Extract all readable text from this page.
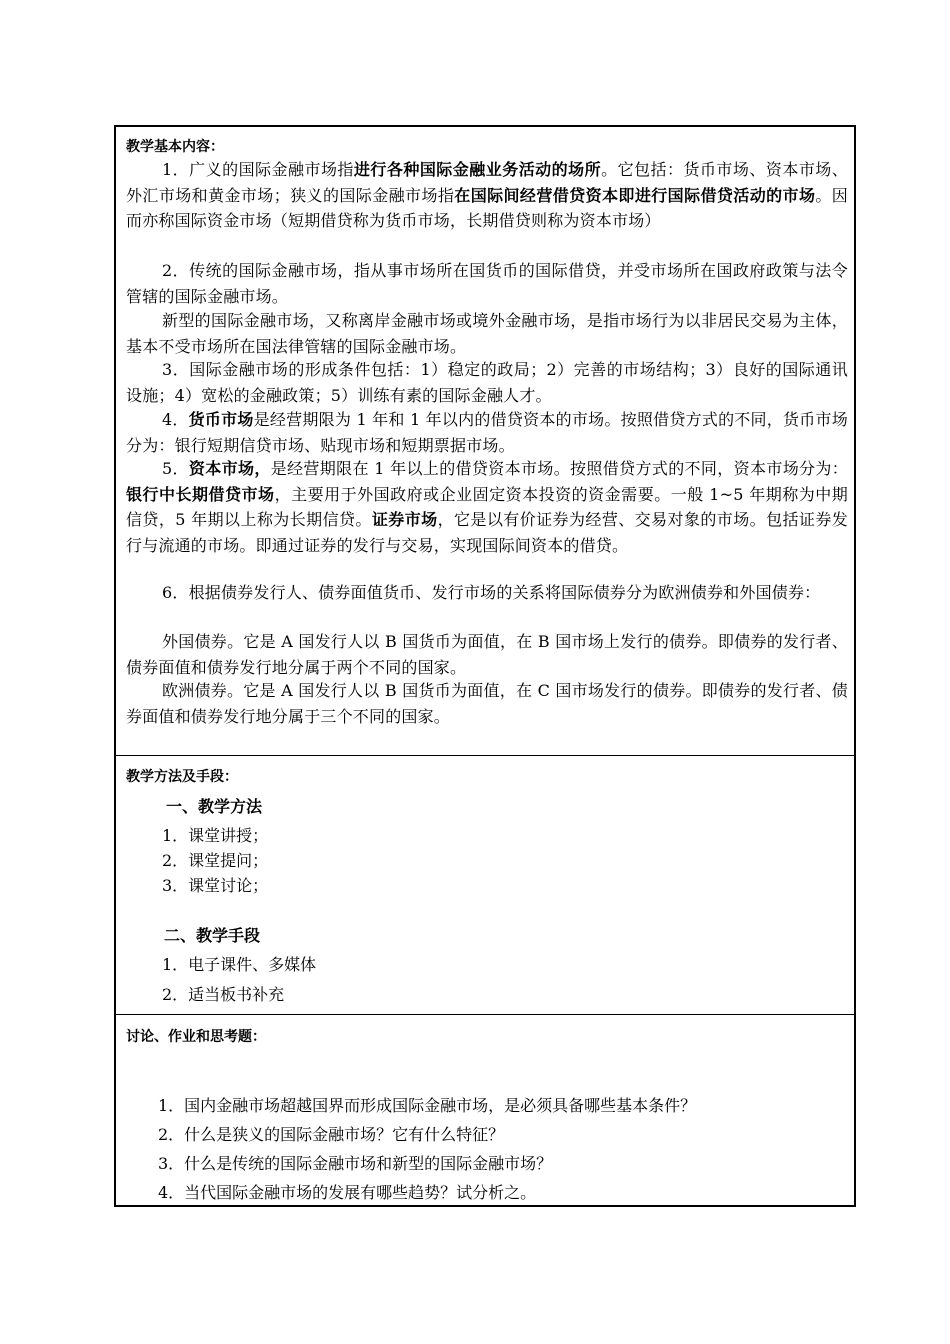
教学基本内容：

1．广义的国际金融市场指进行各种国际金融业务活动的场所。它包括：货币市场、资本市场、外汇市场和黄金市场；狭义的国际金融市场指在国际间经营借贷资本即进行国际借贷活动的市场。因而亦称国际资金市场（短期借贷称为货币市场，长期借贷则称为资本市场）

2．传统的国际金融市场，指从事市场所在国货币的国际借贷，并受市场所在国政府政策与法令管辖的国际金融市场。

新型的国际金融市场，又称离岸金融市场或境外金融市场，是指市场行为以非居民交易为主体，基本不受市场所在国法律管辖的国际金融市场。

3．国际金融市场的形成条件包括：1）稳定的政局；2）完善的市场结构；3）良好的国际通讯设施；4）宽松的金融政策；5）训练有素的国际金融人才。

4．货币市场是经营期限为 1 年和 1 年以内的借贷资本的市场。按照借贷方式的不同，货币市场分为：银行短期信贷市场、贴现市场和短期票据市场。

5．资本市场，是经营期限在 1 年以上的借贷资本市场。按照借贷方式的不同，资本市场分为：银行中长期借贷市场，主要用于外国政府或企业固定资本投资的资金需要。一般 1~5 年期称为中期信贷，5 年期以上称为长期信贷。证券市场，它是以有价证券为经营、交易对象的市场。包括证券发行与流通的市场。即通过证券的发行与交易，实现国际间资本的借贷。

6．根据债券发行人、债券面值货币、发行市场的关系将国际债券分为欧洲债券和外国债券：

外国债券。它是 A 国发行人以 B 国货币为面值，在 B 国市场上发行的债券。即债券的发行者、债券面值和债券发行地分属于两个不同的国家。

欧洲债券。它是 A 国发行人以 B 国货币为面值，在 C 国市场发行的债券。即债券的发行者、债券面值和债券发行地分属于三个不同的国家。

教学方法及手段：
一、教学方法
1．课堂讲授；
2．课堂提问；
3．课堂讨论；
二、教学手段
1．电子课件、多媒体
2．适当板书补充
讨论、作业和思考题：
1．国内金融市场超越国界而形成国际金融市场，是必须具备哪些基本条件？
2．什么是狭义的国际金融市场？它有什么特征？
3．什么是传统的国际金融市场和新型的国际金融市场？
4．当代国际金融市场的发展有哪些趋势？试分析之。
